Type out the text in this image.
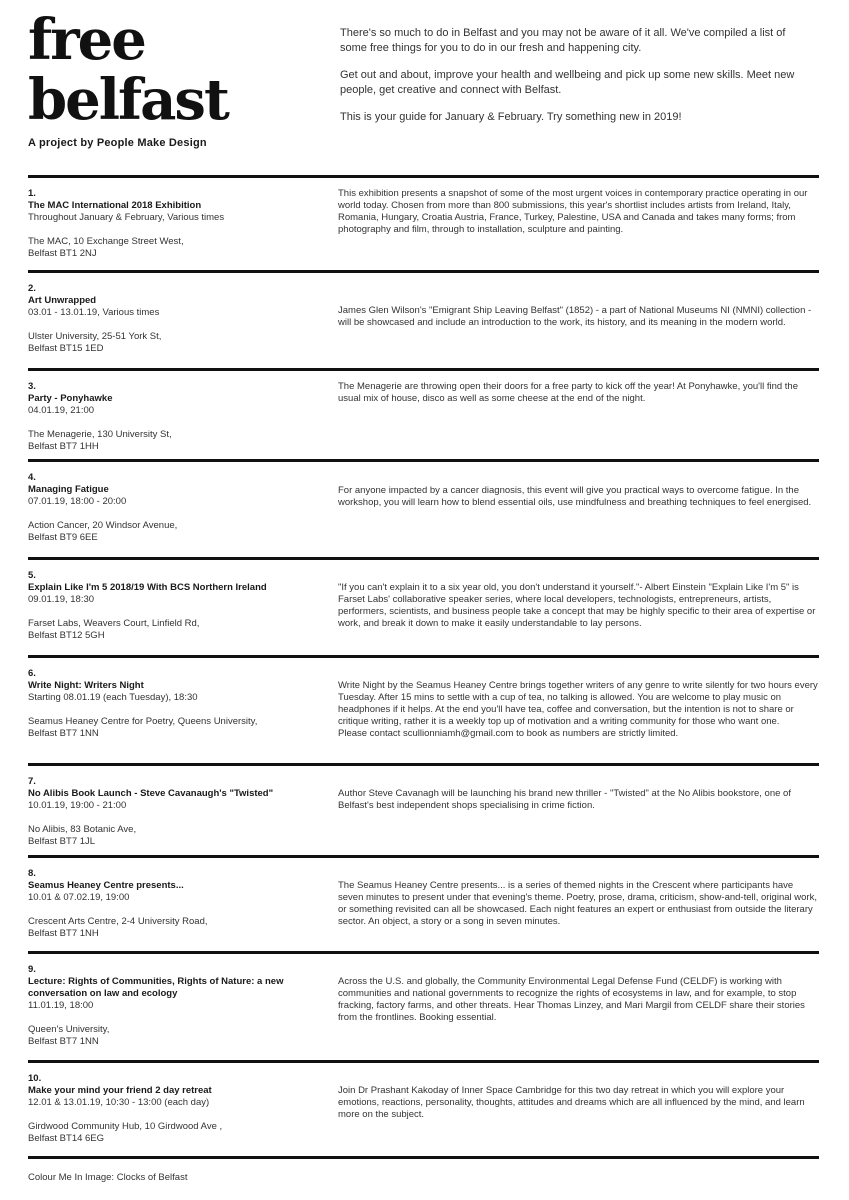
free
belfast
A project by People Make Design

There's so much to do in Belfast and you may not be aware of it all. We've compiled a list of some free things for you to do in our fresh and happening city.

Get out and about, improve your health and wellbeing and pick up some new skills. Meet new people, get creative and connect with Belfast.

This is your guide for January & February. Try something new in 2019!

1.
The MAC International 2018 Exhibition
Throughout January & February, Various times
The MAC, 10 Exchange Street West,
Belfast BT1 2NJ

This exhibition presents a snapshot of some of the most urgent voices in contemporary practice operating in our world today. Chosen from more than 800 submissions, this year's shortlist includes artists from Ireland, Italy, Romania, Hungary, Croatia Austria, France, Turkey, Palestine, USA and Canada and takes many forms; from photography and film, through to installation, sculpture and painting.

2.
Art Unwrapped
03.01 - 13.01.19, Various times
Ulster University, 25-51 York St,
Belfast BT15 1ED

James Glen Wilson's "Emigrant Ship Leaving Belfast" (1852) - a part of National Museums NI (NMNI) collection - will be showcased and include an introduction to the work, its history, and its meaning in the modern world.

3.
Party - Ponyhawke
04.01.19, 21:00
The Menagerie, 130 University St,
Belfast BT7 1HH

The Menagerie are throwing open their doors for a free party to kick off the year! At Ponyhawke, you'll find the usual mix of house, disco as well as some cheese at the end of the night.

4.
Managing Fatigue
07.01.19, 18:00 - 20:00
Action Cancer, 20 Windsor Avenue,
Belfast BT9 6EE

For anyone impacted by a cancer diagnosis, this event will give you practical ways to overcome fatigue. In the workshop, you will learn how to blend essential oils, use mindfulness and breathing techniques to feel energised.

5.
Explain Like I'm 5 2018/19 With BCS Northern Ireland
09.01.19, 18:30
Farset Labs, Weavers Court, Linfield Rd,
Belfast BT12 5GH

"If you can't explain it to a six year old, you don't understand it yourself."- Albert Einstein "Explain Like I'm 5" is Farset Labs' collaborative speaker series, where local developers, technologists, entrepreneurs, artists, performers, scientists, and business people take a concept that may be highly specific to their area of expertise or work, and break it down to make it easily understandable to lay persons.

6.
Write Night: Writers Night
Starting 08.01.19 (each Tuesday), 18:30
Seamus Heaney Centre for Poetry, Queens University,
Belfast BT7 1NN

Write Night by the Seamus Heaney Centre brings together writers of any genre to write silently for two hours every Tuesday. After 15 mins to settle with a cup of tea, no talking is allowed. You are welcome to play music on headphones if it helps. At the end you'll have tea, coffee and conversation, but the intention is not to share or critique writing, rather it is a weekly top up of motivation and a writing community for those who want one.

Please contact scullionniamh@gmail.com to book as numbers are strictly limited.

7.
No Alibis Book Launch - Steve Cavanaugh's "Twisted"
10.01.19, 19:00 - 21:00
No Alibis, 83 Botanic Ave,
Belfast BT7 1JL

Author Steve Cavanagh will be launching his brand new thriller - "Twisted" at the No Alibis bookstore, one of Belfast's best independent shops specialising in crime fiction.

8.
Seamus Heaney Centre presents...
10.01 & 07.02.19, 19:00
Crescent Arts Centre, 2-4 University Road,
Belfast BT7 1NH

The Seamus Heaney Centre presents... is a series of themed nights in the Crescent where participants have seven minutes to present under that evening's theme. Poetry, prose, drama, criticism, show-and-tell, original work, or something revisited can all be showcased. Each night features an expert or enthusiast from outside the literary sector. An object, a story or a song in seven minutes.

9.
Lecture: Rights of Communities, Rights of Nature: a new conversation on law and ecology
11.01.19, 18:00
Queen's University,
Belfast BT7 1NN

Across the U.S. and globally, the Community Environmental Legal Defense Fund (CELDF) is working with communities and national governments to recognize the rights of ecosystems in law, and for example, to stop fracking, factory farms, and other threats. Hear Thomas Linzey, and Mari Margil from CELDF share their stories from the frontlines. Booking essential.

10.
Make your mind your friend 2 day retreat
12.01 & 13.01.19, 10:30 - 13:00 (each day)
Girdwood Community Hub, 10 Girdwood Ave ,
Belfast BT14 6EG

Join Dr Prashant Kakoday of Inner Space Cambridge for this two day retreat in which you will explore your emotions, reactions, personality, thoughts, attitudes and dreams which are all influenced by the mind, and learn more on the subject.

Colour Me In Image: Clocks of Belfast
